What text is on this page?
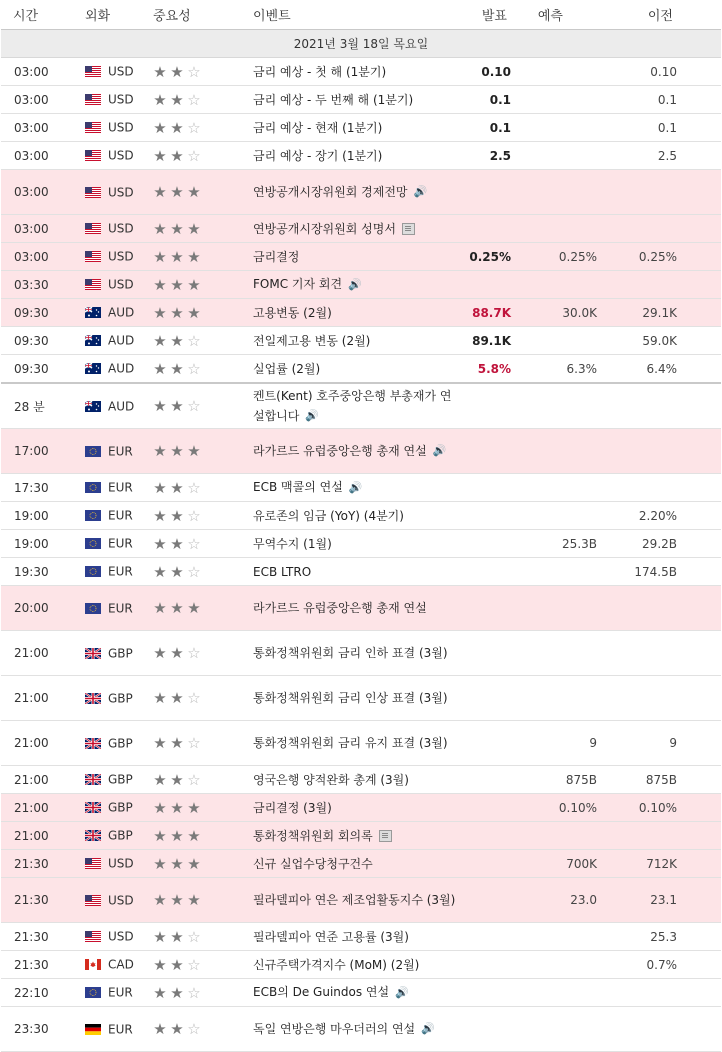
시간	외화	중요성	이벤트	발표	예측	이전
2021년 3월 18일 목요일						
03:00	USD	★★☆	금리 예상 - 첫 해 (1분기)	0.10		0.10
03:00	USD	★★☆	금리 예상 - 두 번째 해 (1분기)	0.1		0.1
03:00	USD	★★☆	금리 예상 - 현재 (1분기)	0.1		0.1
03:00	USD	★★☆	금리 예상 - 장기 (1분기)	2.5		2.5
03:00	USD	★★★	연방공개시장위원회 경제전망 🔊			
03:00	USD	★★★	연방공개시장위원회 성명서			
03:00	USD	★★★	금리결정	0.25%	0.25%	0.25%
03:30	USD	★★★	FOMC 기자 회견 🔊			
09:30	AUD	★★★	고용변동 (2월)	88.7K	30.0K	29.1K
09:30	AUD	★★☆	전일제고용 변동 (2월)	89.1K		59.0K
09:30	AUD	★★☆	실업률 (2월)	5.8%	6.3%	6.4%
28 분	AUD	★★☆	켄트(Kent) 호주중앙은행 부총재가 연설합니다 🔊			
17:00	EUR	★★★	라가르드 유럽중앙은행 총재 연설 🔊			
17:30	EUR	★★☆	ECB 맥콜의 연설 🔊			
19:00	EUR	★★☆	유로존의 임금 (YoY) (4분기)			2.20%
19:00	EUR	★★☆	무역수지 (1월)		25.3B	29.2B
19:30	EUR	★★☆	ECB LTRO			174.5B
20:00	EUR	★★★	라가르드 유럽중앙은행 총재 연설			
21:00	GBP	★★☆	통화정책위원회 금리 인하 표결 (3월)			
21:00	GBP	★★☆	통화정책위원회 금리 인상 표결 (3월)			
21:00	GBP	★★☆	통화정책위원회 금리 유지 표결 (3월)		9	9
21:00	GBP	★★☆	영국은행 양적완화 총계 (3월)		875B	875B
21:00	GBP	★★★	금리결정 (3월)		0.10%	0.10%
21:00	GBP	★★★	통화정책위원회 회의록			
21:30	USD	★★★	신규 실업수당청구건수		700K	712K
21:30	USD	★★★	필라델피아 연은 제조업활동지수 (3월)		23.0	23.1
21:30	USD	★★☆	필라델피아 연준 고용률 (3월)			25.3
21:30	CAD	★★☆	신규주택가격지수 (MoM) (2월)			0.7%
22:10	EUR	★★☆	ECB의 De Guindos 연설 🔊			
23:30	EUR	★★☆	독일 연방은행 마우더러의 연설 🔊			
